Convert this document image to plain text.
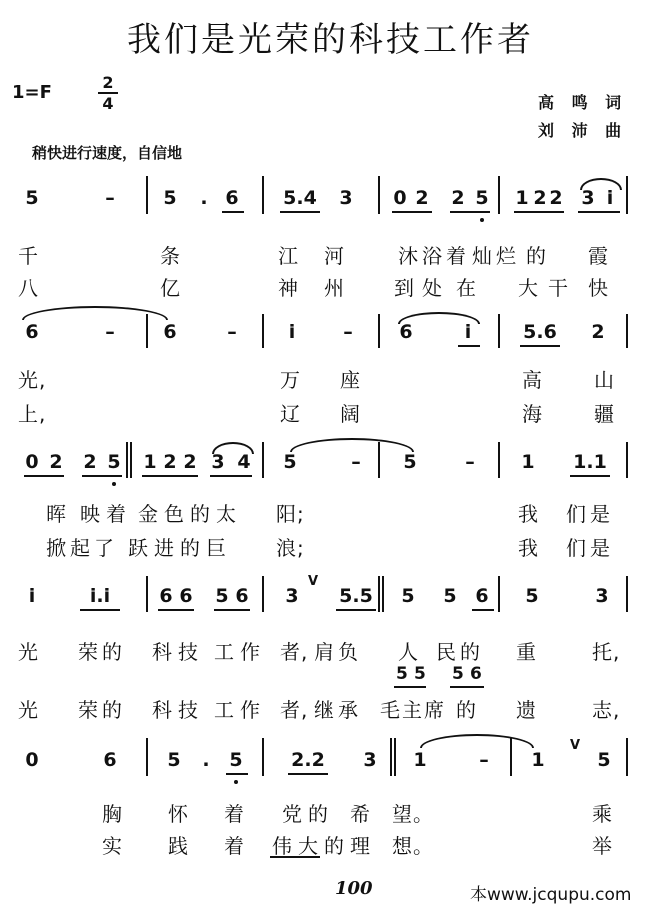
我们是光荣的科技工作者
1=F	$\frac{2}{4}$	高 鸣 词
刘 沛 曲
稍快进行速度，自信地
5	–	5	. 6 5.4 3 0 2 2 5 1 2 2 3 i
千	条	江 河	沐 浴 着 灿 烂 的 霞
八	亿	神 州 到 处 在 大 干 快
6	–	6	–	i	– 6	i	5.6 2
光,	万 座	高	山
上,	辽 阔	海	疆
0 2 2 5 1 2 2 3 4 5	– 5	– 1 1.1
晖 映 着 金 色 的 太 阳;	我 们 是
掀 起 了 跃 进 的 巨 浪;	我 们 是
i	i.i	6 6 5 6 3
V
5.5 5 5 6 5	3
光 荣 的 科 技 工 作 者, 肩 负 人 民 的 重	托,
5 5 5 6
光 荣 的 科 技 工 作 者, 继 承 毛 主 席 的 遗	志,
0	6	5	.	5	2.2 3 1	– 1
V
5
胸 怀 着 党 的 希 望。	乘
实 践 着 伟 大 的 理 想。	举
100	本www.jcqupu.com
